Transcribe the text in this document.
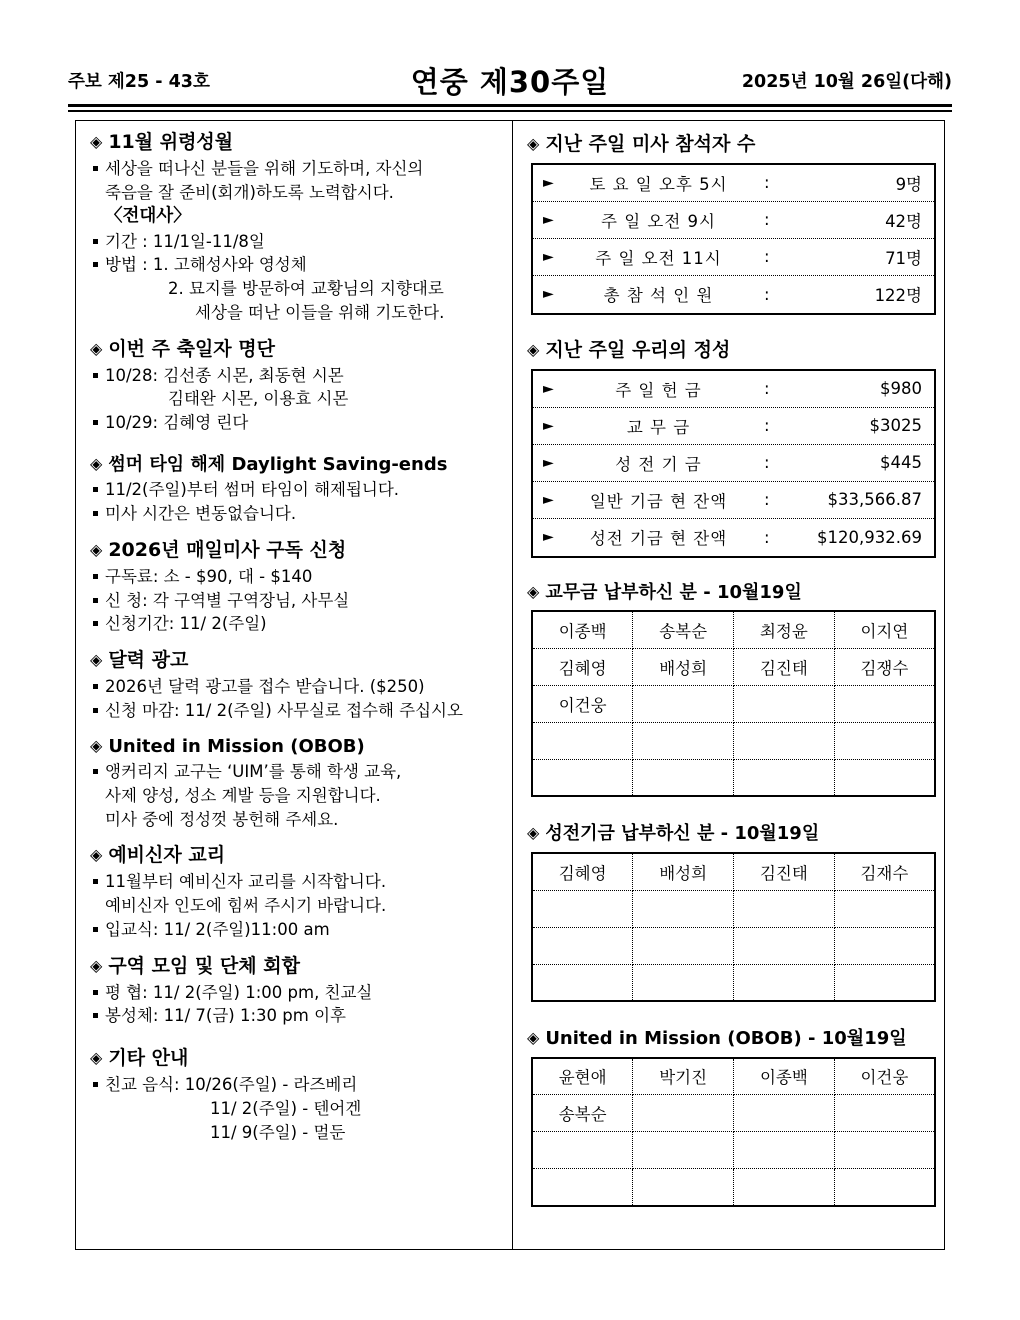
주보 제25 - 43호	연중 제30주일	2025년 10월 26일(다해)
◈ 11월 위령성월
세상을 떠나신 분들을 위해 기도하며, 자신의
죽음을 잘 준비(회개)하도록 노력합시다.
〈전대사〉
기간 : 11/1일-11/8일
방법 : 1. 고해성사와 영성체
2. 묘지를 방문하여 교황님의 지향대로
세상을 떠난 이들을 위해 기도한다.
◈ 이번 주 축일자 명단
10/28: 김선종 시몬, 최동현 시몬
김태완 시몬, 이용효 시몬
10/29: 김혜영 린다
◈ 썸머 타임 해제 Daylight Saving-ends
11/2(주일)부터 썸머 타임이 해제됩니다.
미사 시간은 변동없습니다.
◈ 2026년 매일미사 구독 신청
구독료: 소 - $90, 대 - $140
신 청: 각 구역별 구역장님, 사무실
신청기간: 11/ 2(주일)
◈ 달력 광고
2026년 달력 광고를 접수 받습니다. ($250)
신청 마감: 11/ 2(주일) 사무실로 접수해 주십시오
◈ United in Mission (OBOB)
앵커리지 교구는 ‘UIM’를 통해 학생 교육,
사제 양성, 성소 계발 등을 지원합니다.
미사 중에 정성껏 봉헌해 주세요.
◈ 예비신자 교리
11월부터 예비신자 교리를 시작합니다.
예비신자 인도에 힘써 주시기 바랍니다.
입교식: 11/ 2(주일)11:00 am
◈ 구역 모임 및 단체 회합
평 협: 11/ 2(주일) 1:00 pm, 친교실
봉성체: 11/ 7(금) 1:30 pm 이후
◈ 기타 안내
친교 음식: 10/26(주일) - 라즈베리
11/ 2(주일) - 텐어겐
11/ 9(주일) - 멀둔
◈ 지난 주일 미사 참석자 수
►	토 요 일 오후 5시	:	9명
►	주 일 오전 9시	:	42명
►	주 일 오전 11시	:	71명
►	총 참 석 인 원	:	122명
◈ 지난 주일 우리의 정성
►	주 일 헌 금	:	$980
►	교 무 금	:	$3025
►	성 전 기 금	:	$445
►	일반 기금 현 잔액	:	$33,566.87
►	성전 기금 현 잔액	:	$120,932.69
◈ 교무금 납부하신 분 - 10월19일
이종백	송복순	최정윤	이지연
김혜영	배성희	김진태	김쟁수
이건웅			

◈ 성전기금 납부하신 분 - 10월19일
김혜영	배성희	김진태	김재수

◈ United in Mission (OBOB) - 10월19일
윤현애	박기진	이종백	이건웅
송복순			
